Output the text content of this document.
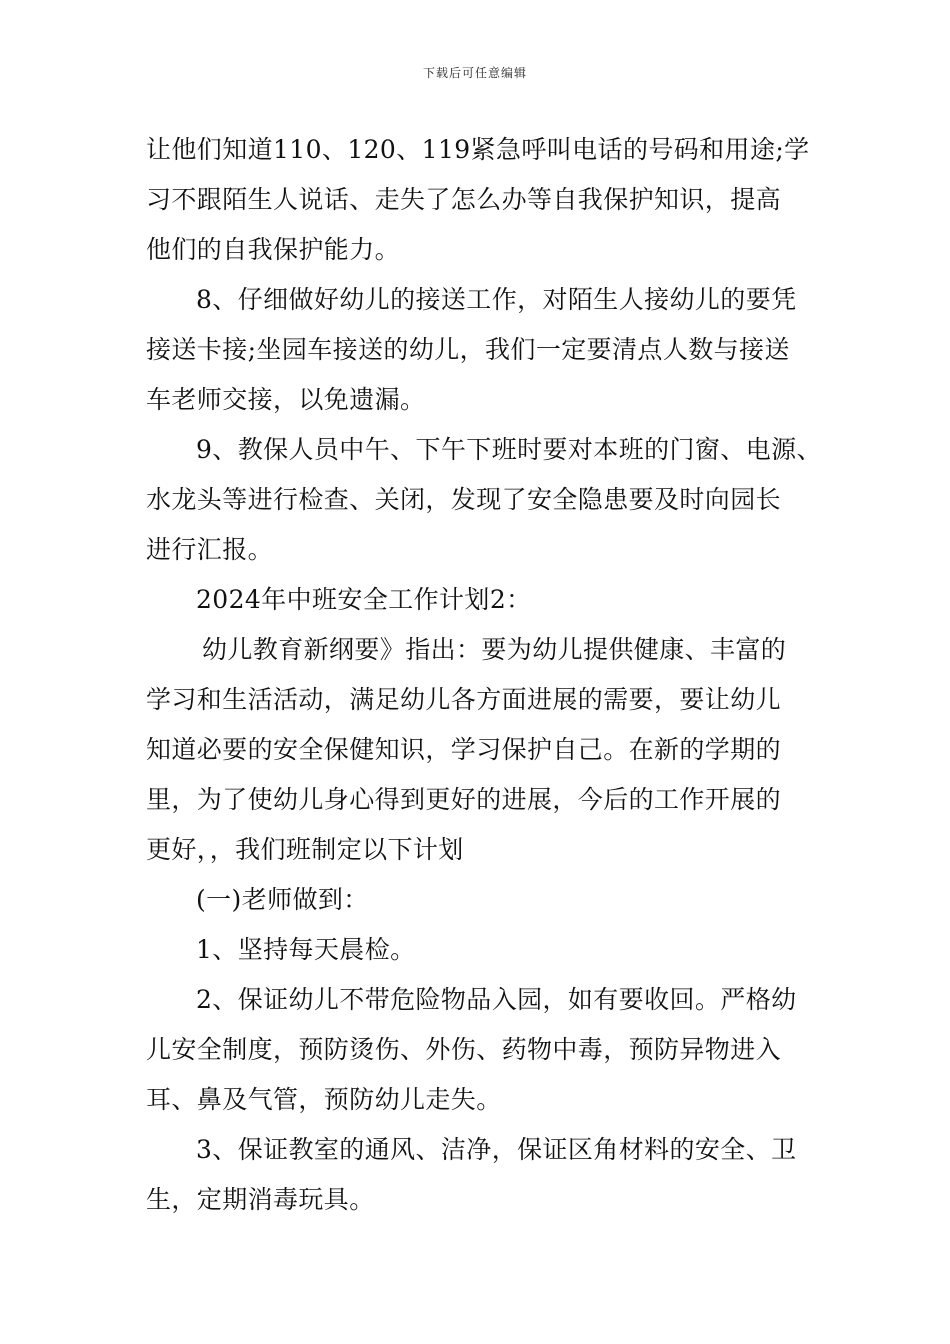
下载后可任意编辑
让他们知道110、120、119紧急呼叫电话的号码和用途;学
习不跟陌生人说话、走失了怎么办等自我保护知识，提高
他们的自我保护能力。
8、仔细做好幼儿的接送工作，对陌生人接幼儿的要凭
接送卡接;坐园车接送的幼儿，我们一定要清点人数与接送
车老师交接，以免遗漏。
9、教保人员中午、下午下班时要对本班的门窗、电源、
水龙头等进行检查、关闭，发现了安全隐患要及时向园长
进行汇报。
2024年中班安全工作计划2：
幼儿教育新纲要》指出：要为幼儿提供健康、丰富的
学习和生活活动，满足幼儿各方面进展的需要，要让幼儿
知道必要的安全保健知识，学习保护自己。在新的学期的
里，为了使幼儿身心得到更好的进展，今后的工作开展的
更好，，我们班制定以下计划
(一)老师做到：
1、坚持每天晨检。
2、保证幼儿不带危险物品入园，如有要收回。严格幼
儿安全制度，预防烫伤、外伤、药物中毒，预防异物进入
耳、鼻及气管，预防幼儿走失。
3、保证教室的通风、洁净，保证区角材料的安全、卫
生，定期消毒玩具。
